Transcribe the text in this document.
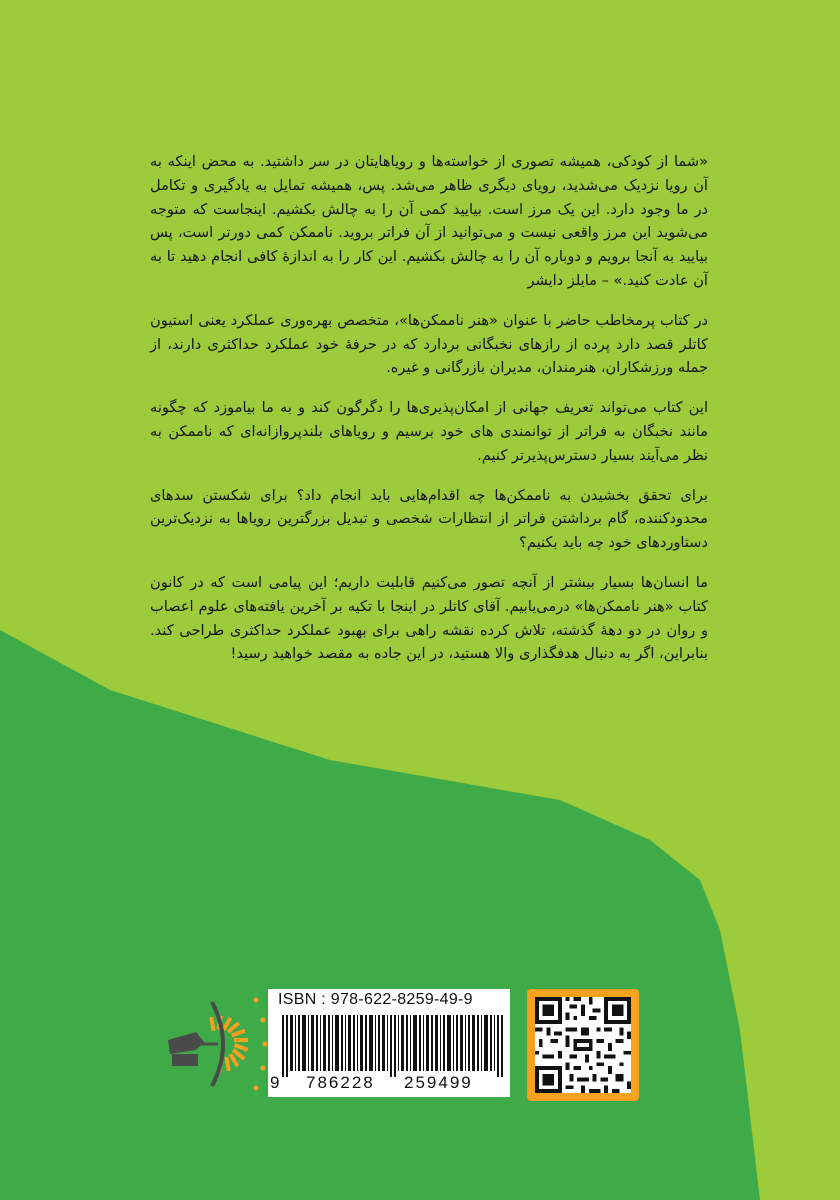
«شما از کودکی، همیشه تصوری از خواسته‌ها و رویاهایتان در سر داشتید. به محض اینکه به آن رویا نزدیک می‌شدید، رویای دیگری ظاهر می‌شد. پس، همیشه تمایل به یادگیری و تکامل در ما وجود دارد. این یک مرز است. بیایید کمی آن را به چالش بکشیم. اینجاست که متوجه می‌شوید این مرز واقعی نیست و می‌توانید از آن فراتر بروید. ناممکن کمی دورتر است، پس بیایید به آنجا برویم و دوباره آن را به چالش بکشیم. این کار را به اندازهٔ کافی انجام دهید تا به آن عادت کنید.» – مایلز دایشر

در کتاب پرمخاطب حاضر با عنوان «هنر ناممکن‌ها»، متخصص بهره‌وری عملکرد یعنی استیون کاتلر قصد دارد پرده از رازهای نخبگانی بردارد که در حرفهٔ خود عملکرد حداکثری دارند، از جمله ورزشکاران، هنرمندان، مدیران بازرگانی و غیره.

این کتاب می‌تواند تعریف جهانی از امکان‌پذیری‌ها را دگرگون کند و به ما بیاموزد که چگونه مانند نخبگان به فراتر از توانمندی های خود برسیم و رویاهای بلندپروازانه‌ای که ناممکن به نظر می‌آیند بسیار دسترس‌پذیرتر کنیم.

برای تحقق بخشیدن به ناممکن‌ها چه اقدام‌هایی باید انجام داد؟ برای شکستن سدهای محدودکننده، گام برداشتن فراتر از انتظارات شخصی و تبدیل بزرگترین رویاها به نزدیک‌ترین دستاوردهای خود چه باید بکنیم؟

ما انسان‌ها بسیار بیشتر از آنچه تصور می‌کنیم قابلیت داریم؛ این پیامی است که در کانون کتاب «هنر ناممکن‌ها» درمی‌یابیم. آقای کاتلر در اینجا با تکیه بر آخرین یافته‌های علوم اعصاب و روان در دو دههٔ گذشته، تلاش کرده نقشه راهی برای بهبود عملکرد حداکثری طراحی کند. بنابراین، اگر به دنبال هدفگذاری والا هستید، در این جاده به مقصد خواهید رسید!

ISBN : 978-622-8259-49-9
9 786228 259499
